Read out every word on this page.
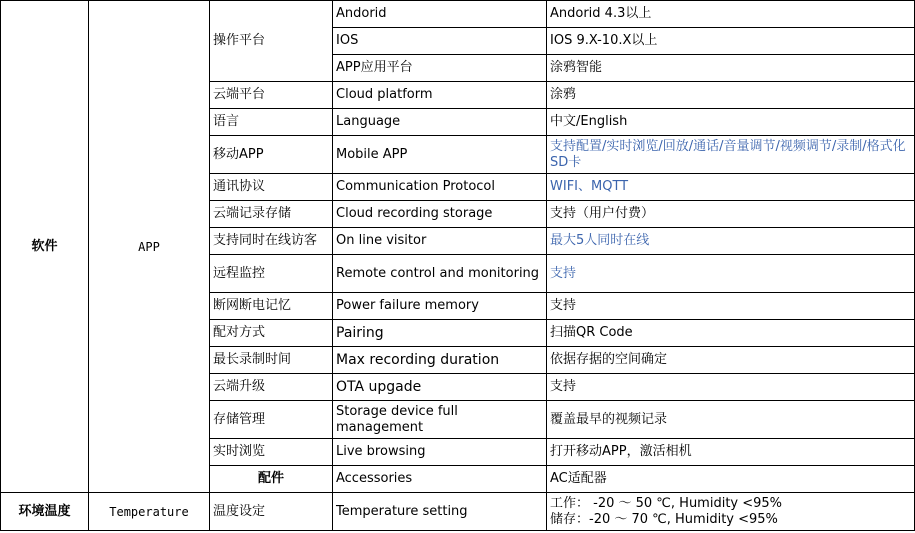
软件	APP	操作平台	Andorid	Andorid 4.3以上	
			IOS	IOS 9.X-10.X以上	
			APP应用平台	涂鸦智能	
		云端平台	Cloud platform	涂鸦	
		语言	Language	中文/English	
		移动APP	Mobile APP	支持配置/实时浏览/回放/通话/音量调节/视频调节/录制/格式化SD卡	
		通讯协议	Communication Protocol	WIFI、MQTT	
		云端记录存储	Cloud recording storage	支持（用户付费）	
		支持同时在线访客	On line visitor	最大5人同时在线	
		远程监控	Remote control and monitoring	支持	
		断网断电记忆	Power failure memory	支持	
		配对方式	Pairing	扫描QR Code	
		最长录制时间	Max recording duration	依据存据的空间确定	
		云端升级	OTA upgade	支持	
		存储管理	Storage device full management	覆盖最早的视频记录	
		实时浏览	Live browsing	打开移动APP，激活相机	
		配件	Accessories	AC适配器		
环境温度	Temperature	温度设定	Temperature setting	工作： -20 ～ 50 ℃, Humidity <95%
储存：-20 ～ 70 ℃, Humidity <95%	
